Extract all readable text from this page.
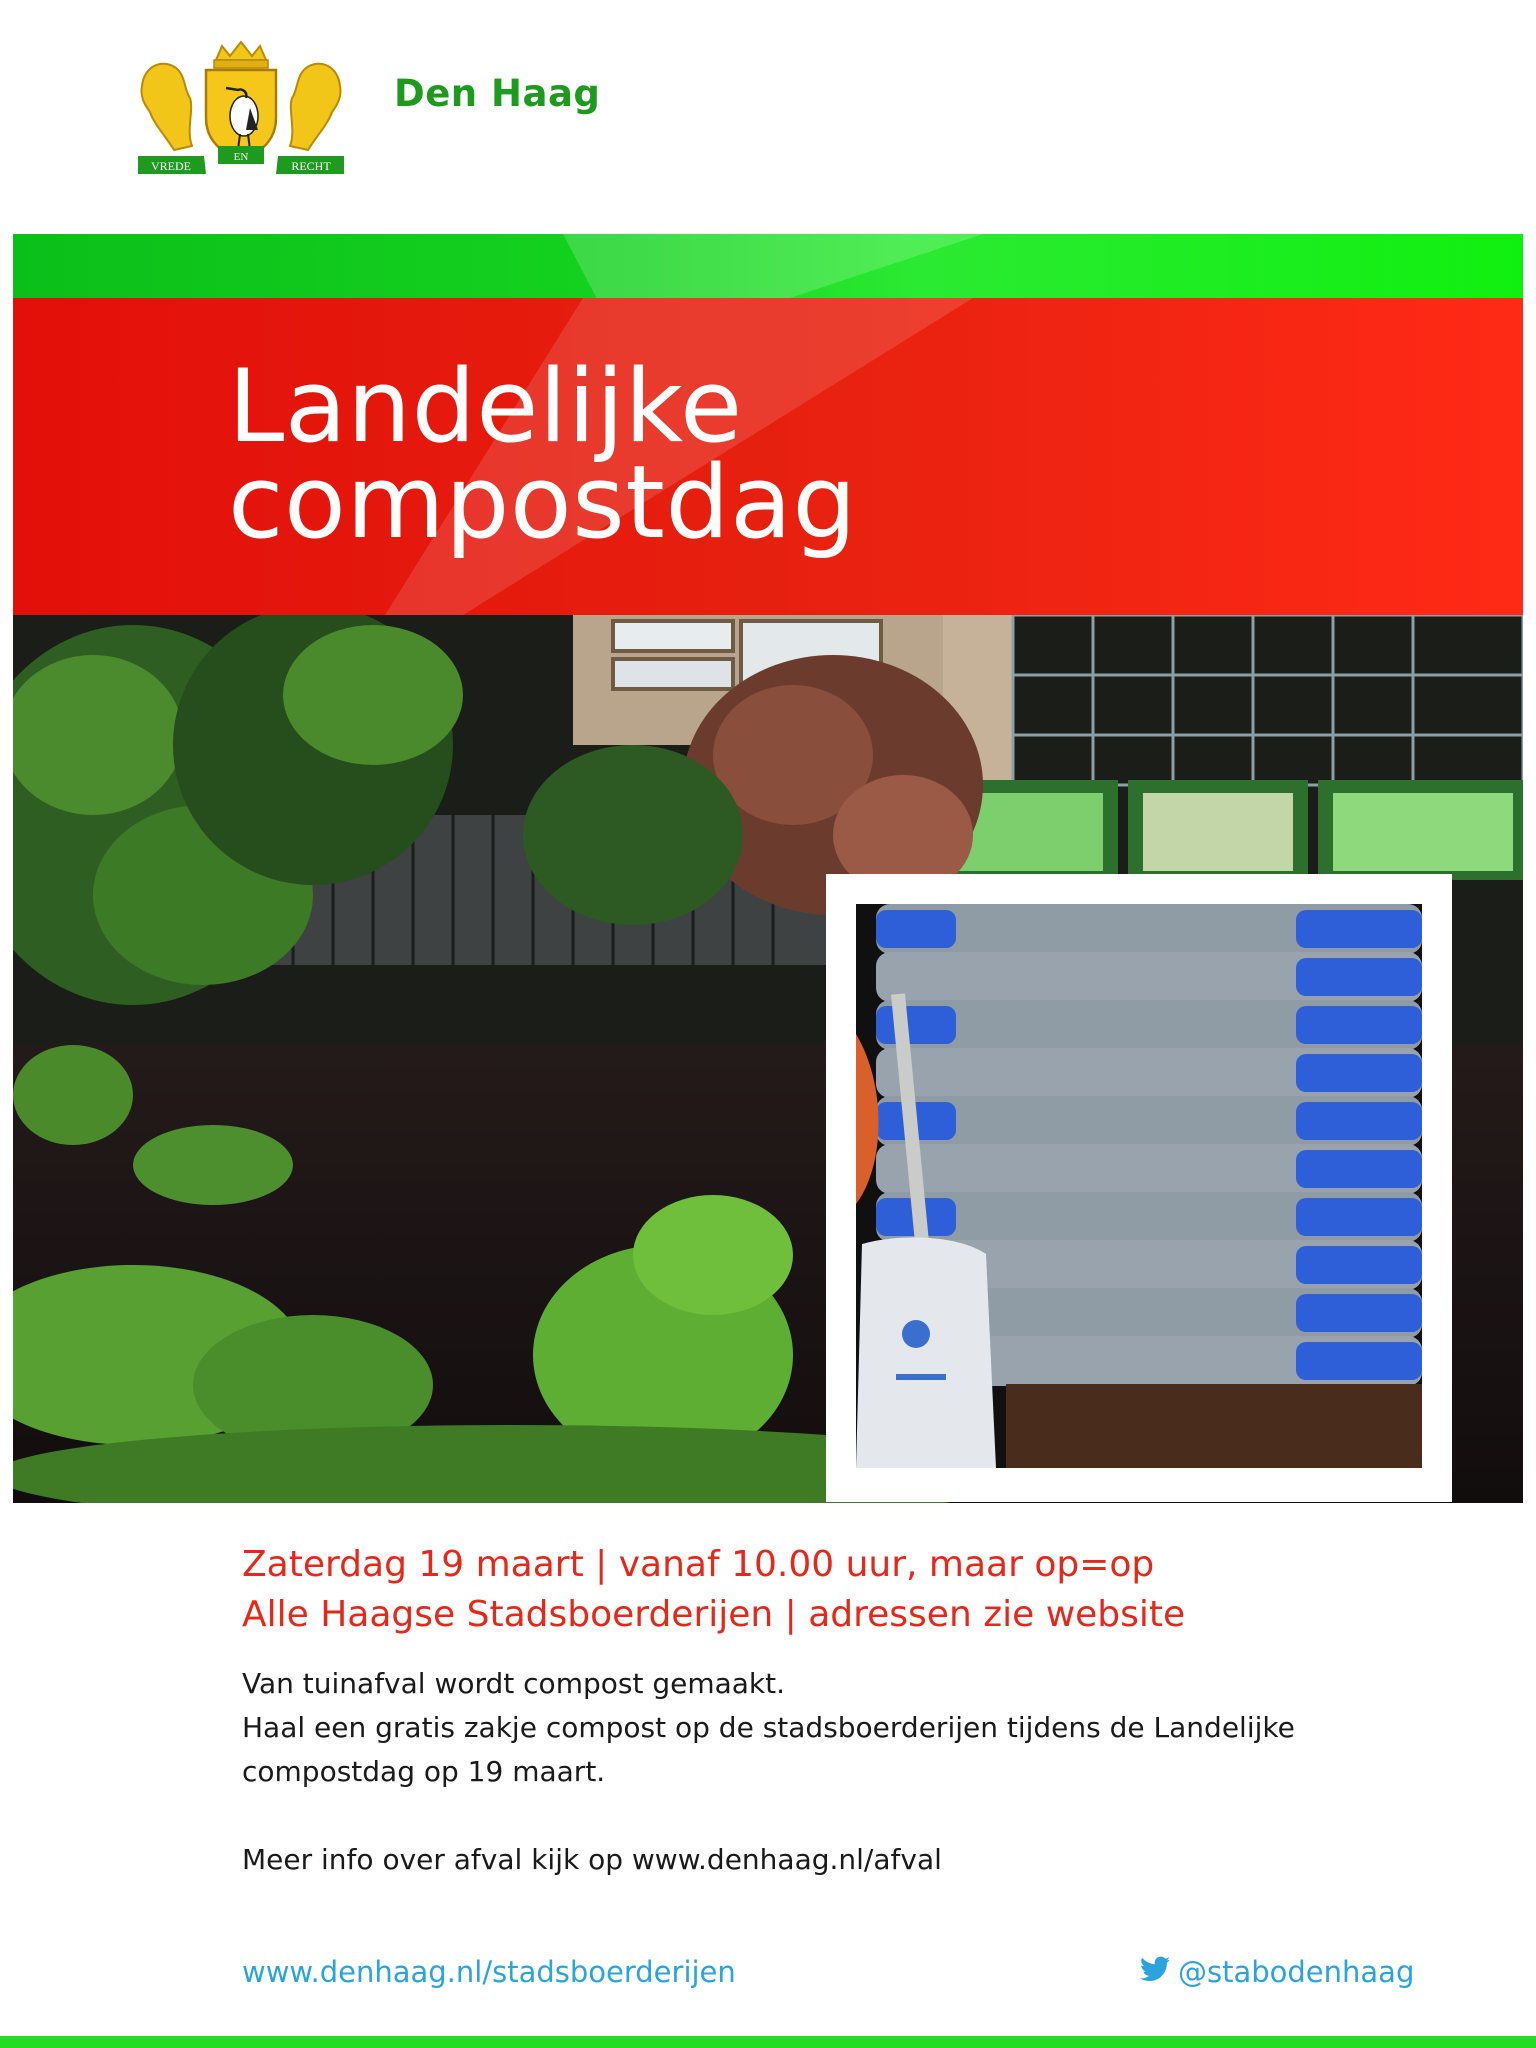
VREDE
EN
RECHT
Den Haag
Landelijke
compostdag
Zaterdag 19 maart | vanaf 10.00 uur, maar op=op
Alle Haagse Stadsboerderijen | adressen zie website
Van tuinafval wordt compost gemaakt.
Haal een gratis zakje compost op de stadsboerderijen tijdens de Landelijke
compostdag op 19 maart.
Meer info over afval kijk op www.denhaag.nl/afval
www.denhaag.nl/stadsboerderijen	@stabodenhaag
